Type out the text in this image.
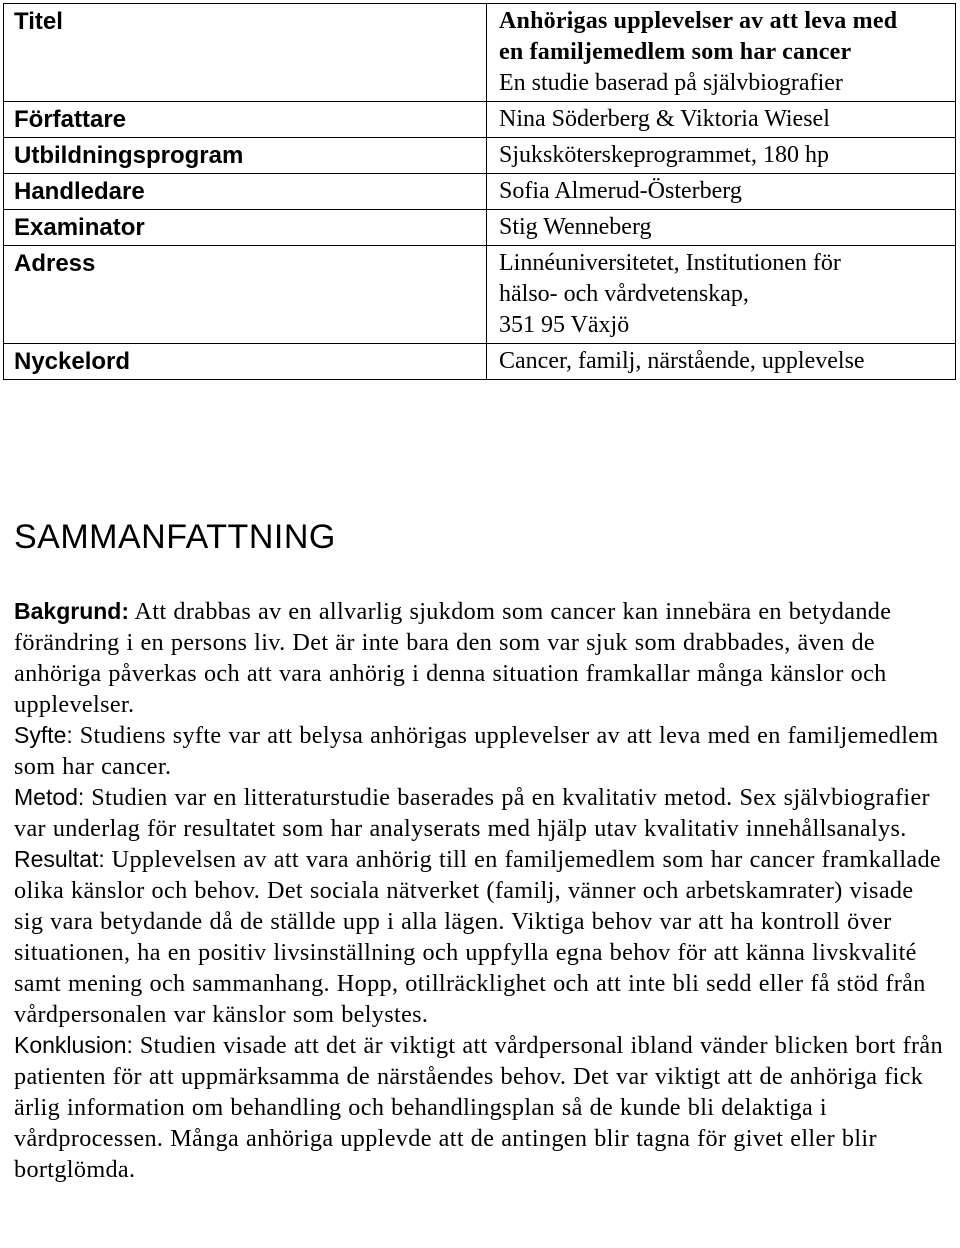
Titel	Anhörigas upplevelser av att leva med
en familjemedlem som har cancer
En studie baserad på självbiografier

Författare	Nina Söderberg & Viktoria Wiesel
Utbildningsprogram	Sjuksköterskeprogrammet, 180 hp
Handledare	Sofia Almerud-Österberg
Examinator	Stig Wenneberg
Adress	Linnéuniversitetet, Institutionen för
hälso- och vårdvetenskap,
351 95 Växjö

Nyckelord	Cancer, familj, närstående, upplevelse
SAMMANFATTNING

Bakgrund: Att drabbas av en allvarlig sjukdom som cancer kan innebära en betydande förändring i en persons liv. Det är inte bara den som var sjuk som drabbades, även de anhöriga påverkas och att vara anhörig i denna situation framkallar många känslor och upplevelser.

Syfte: Studiens syfte var att belysa anhörigas upplevelser av att leva med en familjemedlem som har cancer.

Metod: Studien var en litteraturstudie baserades på en kvalitativ metod. Sex självbiografier var underlag för resultatet som har analyserats med hjälp utav kvalitativ innehållsanalys.

Resultat: Upplevelsen av att vara anhörig till en familjemedlem som har cancer framkallade olika känslor och behov. Det sociala nätverket (familj, vänner och arbetskamrater) visade sig vara betydande då de ställde upp i alla lägen. Viktiga behov var att ha kontroll över situationen, ha en positiv livsinställning och uppfylla egna behov för att känna livskvalité samt mening och sammanhang. Hopp, otillräcklighet och att inte bli sedd eller få stöd från vårdpersonalen var känslor som belystes.

Konklusion: Studien visade att det är viktigt att vårdpersonal ibland vänder blicken bort från patienten för att uppmärksamma de närståendes behov. Det var viktigt att de anhöriga fick ärlig information om behandling och behandlingsplan så de kunde bli delaktiga i vårdprocessen. Många anhöriga upplevde att de antingen blir tagna för givet eller blir bortglömda.
